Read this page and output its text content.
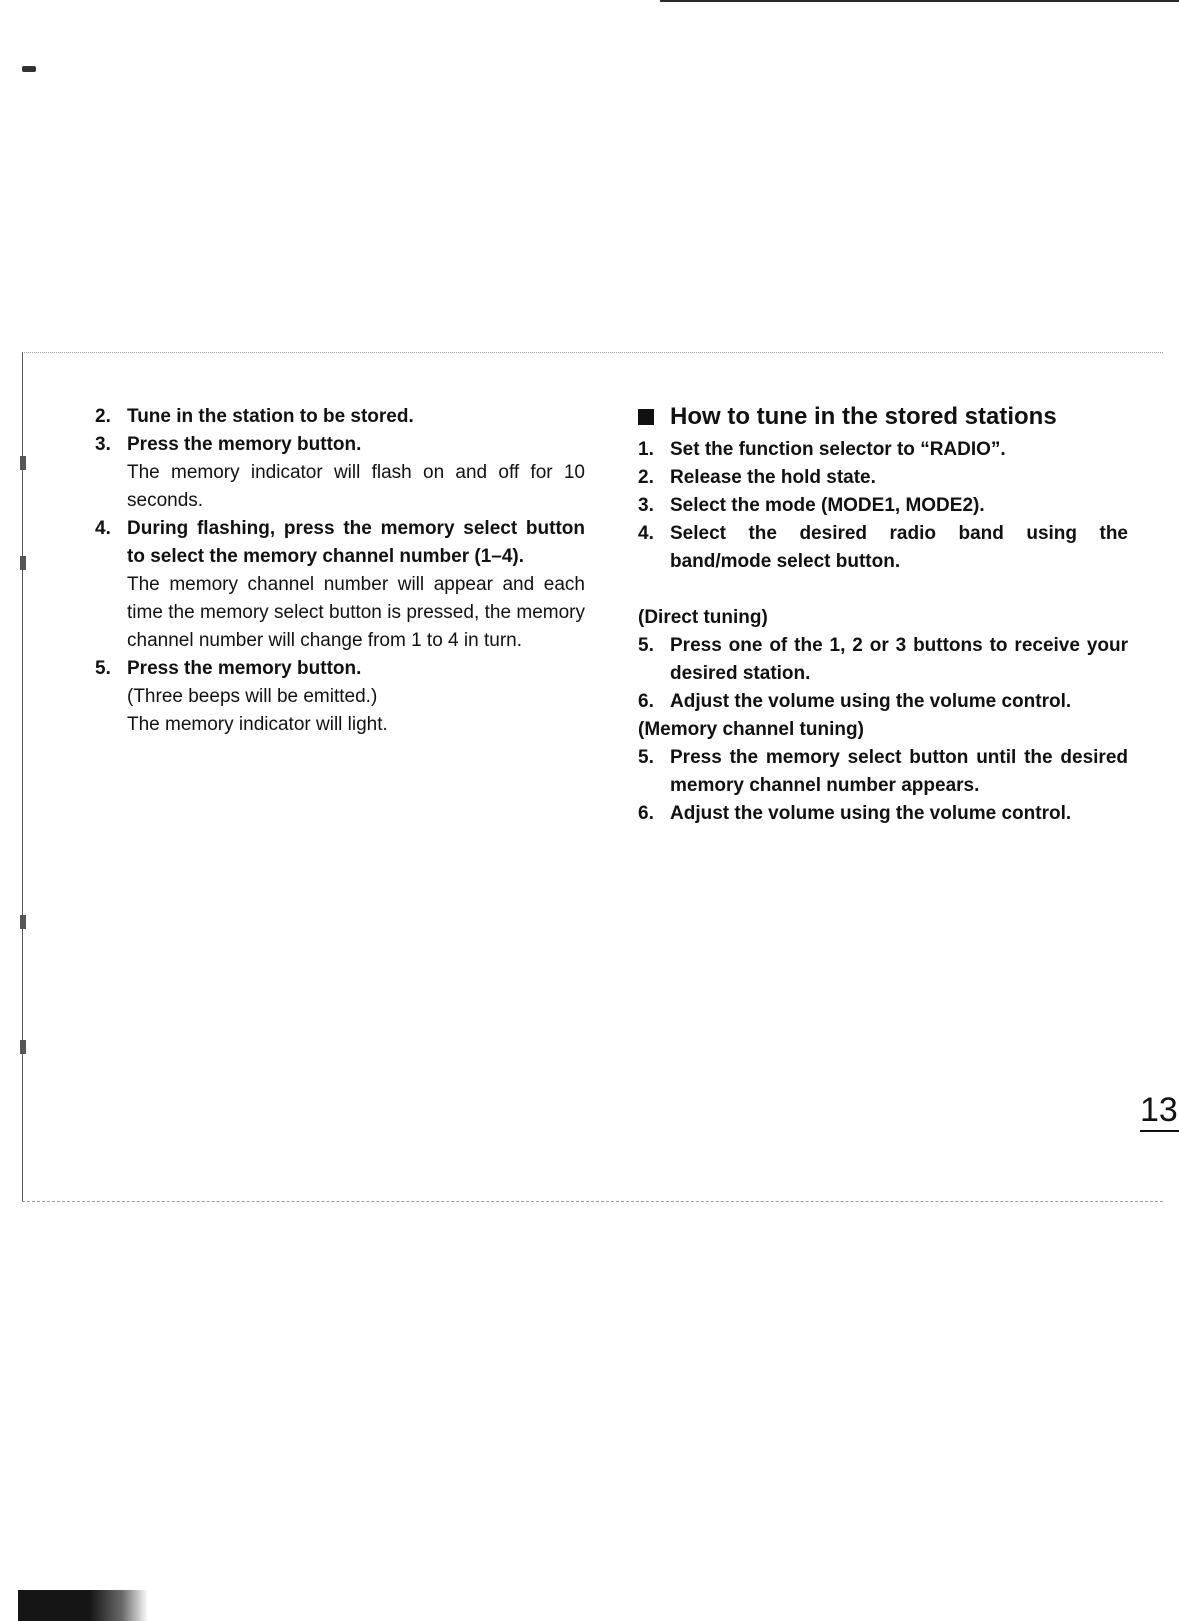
2. Tune in the station to be stored.
3. Press the memory button.
The memory indicator will flash on and off for 10 seconds.
4. During flashing, press the memory select button to select the memory channel number (1–4).
The memory channel number will appear and each time the memory select button is pressed, the memory channel number will change from 1 to 4 in turn.
5. Press the memory button.
(Three beeps will be emitted.)
The memory indicator will light.
How to tune in the stored stations
1. Set the function selector to “RADIO”.
2. Release the hold state.
3. Select the mode (MODE1, MODE2).
4. Select the desired radio band using the band/mode select button.

(Direct tuning)

5. Press one of the 1, 2 or 3 buttons to receive your desired station.
6. Adjust the volume using the volume control.

(Memory channel tuning)

5. Press the memory select button until the desired memory channel number appears.
6. Adjust the volume using the volume control.
13
